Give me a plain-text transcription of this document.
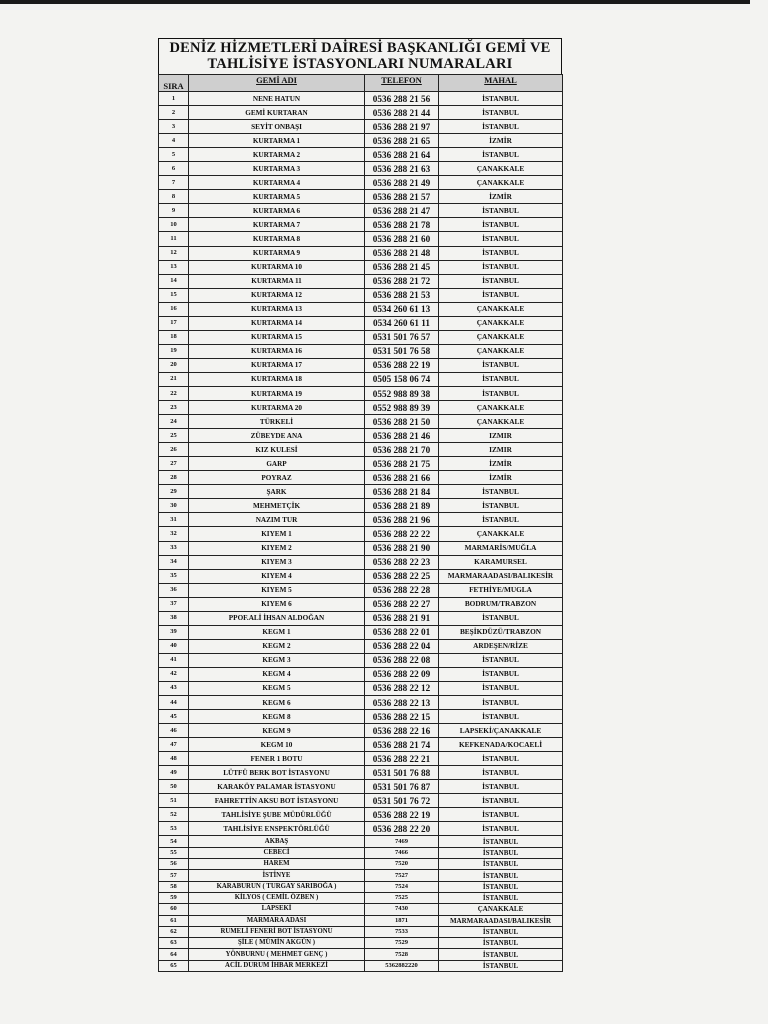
DENİZ HİZMETLERİ DAİRESİ BAŞKANLIĞI GEMİ VE TAHLİSİYE İSTASYONLARI NUMARALARI
SIRA	GEMİ ADI	TELEFON	MAHAL
1	NENE HATUN	0536 288 21 56	İSTANBUL
2	GEMİ KURTARAN	0536 288 21 44	İSTANBUL
3	SEYİT ONBAŞI	0536 288 21 97	İSTANBUL
4	KURTARMA 1	0536 288 21 65	İZMİR
5	KURTARMA 2	0536 288 21 64	İSTANBUL
6	KURTARMA 3	0536 288 21 63	ÇANAKKALE
7	KURTARMA 4	0536 288 21 49	ÇANAKKALE
8	KURTARMA 5	0536 288 21 57	İZMİR
9	KURTARMA 6	0536 288 21 47	İSTANBUL
10	KURTARMA 7	0536 288 21 78	İSTANBUL
11	KURTARMA 8	0536 288 21 60	İSTANBUL
12	KURTARMA 9	0536 288 21 48	İSTANBUL
13	KURTARMA 10	0536 288 21 45	İSTANBUL
14	KURTARMA 11	0536 288 21 72	İSTANBUL
15	KURTARMA 12	0536 288 21 53	İSTANBUL
16	KURTARMA 13	0534 260 61 13	ÇANAKKALE
17	KURTARMA 14	0534 260 61 11	ÇANAKKALE
18	KURTARMA 15	0531 501 76 57	ÇANAKKALE
19	KURTARMA 16	0531 501 76 58	ÇANAKKALE
20	KURTARMA 17	0536 288 22 19	İSTANBUL
21	KURTARMA 18	0505 158 06 74	İSTANBUL
22	KURTARMA 19	0552 988 89 38	İSTANBUL
23	KURTARMA 20	0552 988 89 39	ÇANAKKALE
24	TÜRKELİ	0536 288 21 50	ÇANAKKALE
25	ZÜBEYDE ANA	0536 288 21 46	IZMIR
26	KIZ KULESİ	0536 288 21 70	IZMIR
27	GARP	0536 288 21 75	İZMİR
28	POYRAZ	0536 288 21 66	İZMİR
29	ŞARK	0536 288 21 84	İSTANBUL
30	MEHMETÇİK	0536 288 21 89	İSTANBUL
31	NAZIM TUR	0536 288 21 96	İSTANBUL
32	KIYEM 1	0536 288 22 22	ÇANAKKALE
33	KIYEM 2	0536 288 21 90	MARMARİS/MUĞLA
34	KIYEM 3	0536 288 22 23	KARAMURSEL
35	KIYEM 4	0536 288 22 25	MARMARAADASI/BALIKESİR
36	KIYEM 5	0536 288 22 28	FETHİYE/MUGLA
37	KIYEM 6	0536 288 22 27	BODRUM/TRABZON
38	PPOF.ALİ İHSAN ALDOĞAN	0536 288 21 91	İSTANBUL
39	KEGM 1	0536 288 22 01	BEŞİKDÜZÜ/TRABZON
40	KEGM 2	0536 288 22 04	ARDEŞEN/RİZE
41	KEGM 3	0536 288 22 08	İSTANBUL
42	KEGM 4	0536 288 22 09	İSTANBUL
43	KEGM 5	0536 288 22 12	İSTANBUL
44	KEGM 6	0536 288 22 13	İSTANBUL
45	KEGM 8	0536 288 22 15	İSTANBUL
46	KEGM 9	0536 288 22 16	LAPSEKİ/ÇANAKKALE
47	KEGM 10	0536 288 21 74	KEFKENADA/KOCAELİ
48	FENER 1 BOTU	0536 288 22 21	İSTANBUL
49	LÜTFÜ BERK BOT İSTASYONU	0531 501 76 88	İSTANBUL
50	KARAKÖY PALAMAR İSTASYONU	0531 501 76 87	İSTANBUL
51	FAHRETTİN AKSU BOT İSTASYONU	0531 501 76 72	İSTANBUL
52	TAHLİSİYE ŞUBE MÜDÜRLÜĞÜ	0536 288 22 19	İSTANBUL
53	TAHLİSİYE ENSPEKTÖRLÜĞÜ	0536 288 22 20	İSTANBUL
54	AKBAŞ	7469	İSTANBUL
55	CEBECİ	7466	İSTANBUL
56	HAREM	7520	İSTANBUL
57	İSTİNYE	7527	İSTANBUL
58	KARABURUN ( TURGAY SARIBOĞA )	7524	İSTANBUL
59	KİLYOS ( CEMİL ÖZBEN )	7525	İSTANBUL
60	LAPSEKİ	7430	ÇANAKKALE
61	MARMARA ADASI	1871	MARMARAADASI/BALIKESİR
62	RUMELİ FENERİ BOT İSTASYONU	7533	İSTANBUL
63	ŞİLE ( MÜMİN AKGÜN )	7529	İSTANBUL
64	YÖNBURNU ( MEHMET GENÇ )	7528	İSTANBUL
65	ACİL DURUM İHBAR MERKEZİ	5362882220	İSTANBUL
